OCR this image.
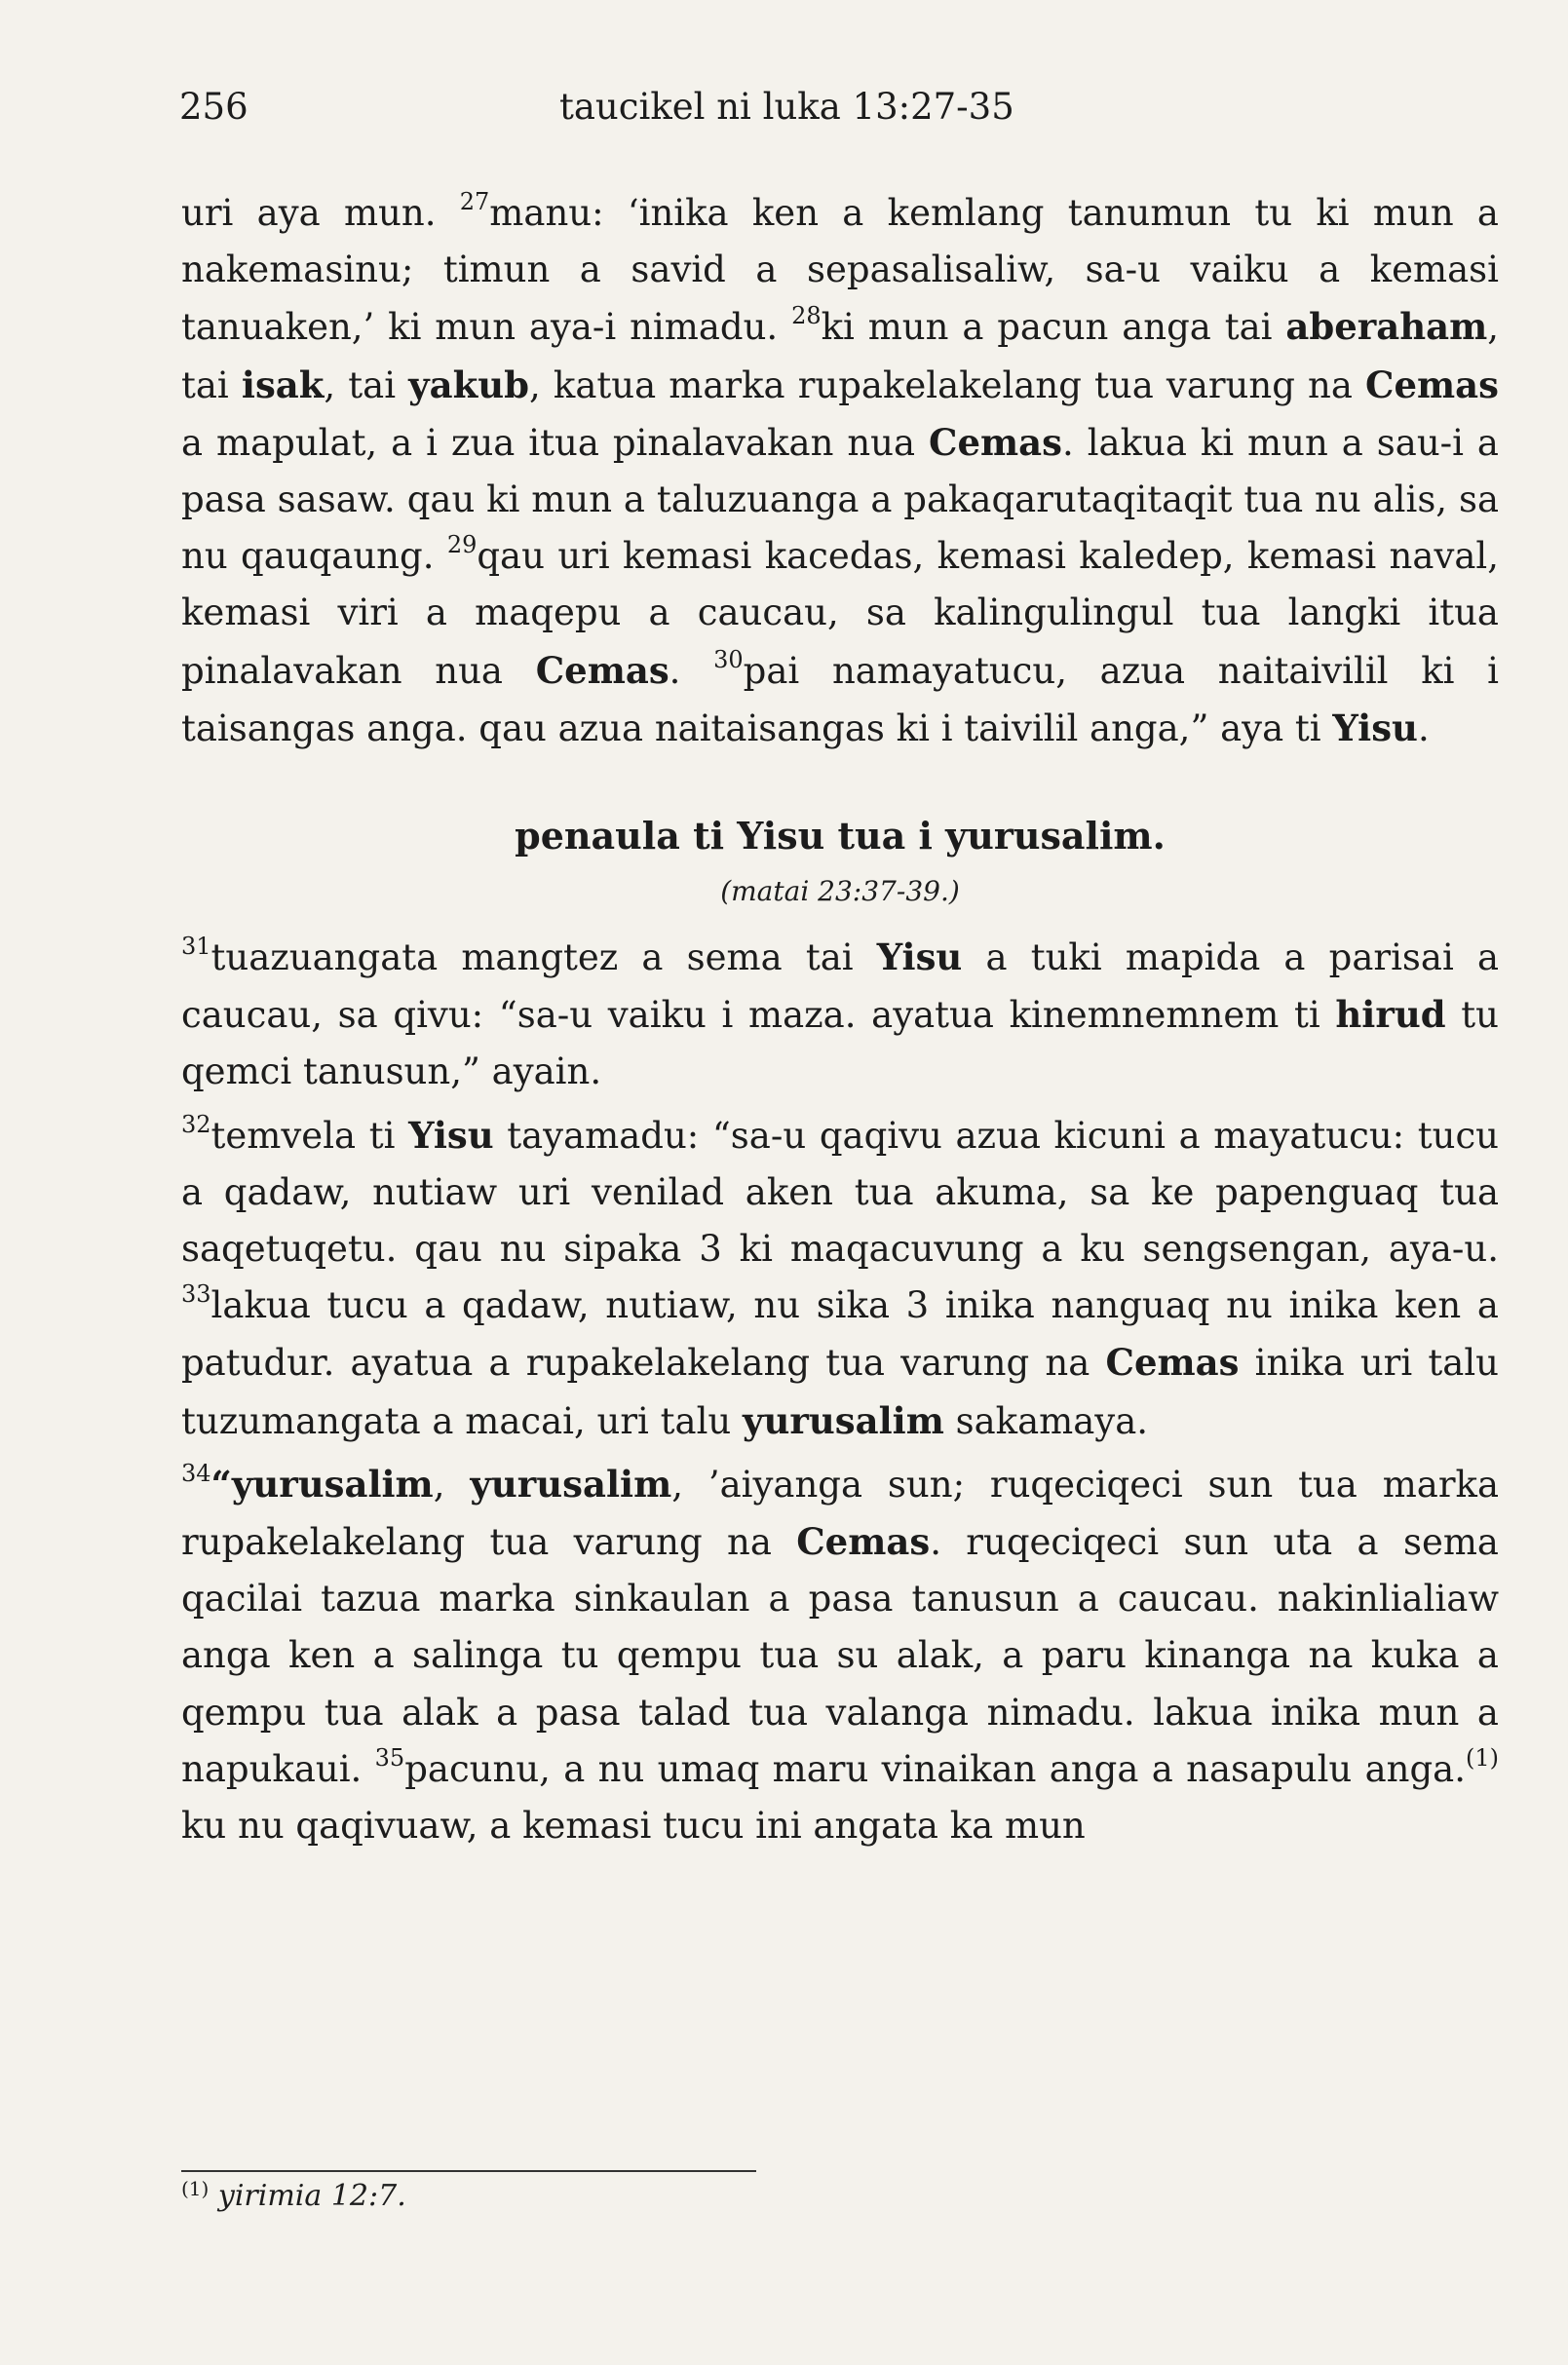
256	taucikel ni luka 13:27-35

uri aya mun. $^{27}$manu: ‘inika ken a kemlang tanumun tu ki mun a nakemasinu; timun a savid a sepasalisaliw, sa-u vaiku a kemasi tanuaken,’ ki mun aya-i nimadu. $^{28}$ki mun a pacun anga tai aberaham, tai isak, tai yakub, katua marka rupakelakelang tua varung na Cemas a mapulat, a i zua itua pinalavakan nua Cemas. lakua ki mun a sau-i a pasa sasaw. qau ki mun a taluzuanga a pakaqarutaqitaqit tua nu alis, sa nu qauqaung. $^{29}$qau uri kemasi kacedas, kemasi kaledep, kemasi naval, kemasi viri a maqepu a caucau, sa kalingulingul tua langki itua pinalavakan nua Cemas. $^{30}$pai namayatucu, azua naitaivilil ki i taisangas anga. qau azua naitaisangas ki i taivilil anga,” aya ti Yisu.

penaula ti Yisu tua i yurusalim.
(matai 23:37-39.)

$^{31}$tuazuangata mangtez a sema tai Yisu a tuki mapida a parisai a caucau, sa qivu: “sa-u vaiku i maza. ayatua kinemnemnem ti hirud tu qemci tanusun,” ayain.

$^{32}$temvela ti Yisu tayamadu: “sa-u qaqivu azua kicuni a mayatucu: tucu a qadaw, nutiaw uri venilad aken tua akuma, sa ke papenguaq tua saqetuqetu. qau nu sipaka 3 ki maqacuvung a ku sengsengan, aya-u. $^{33}$lakua tucu a qadaw, nutiaw, nu sika 3 inika nanguaq nu inika ken a patudur. ayatua a rupakelakelang tua varung na Cemas inika uri talu tuzumangata a macai, uri talu yurusalim sakamaya.

$^{34}$“yurusalim, yurusalim, ’aiyanga sun; ruqeciqeci sun tua marka rupakelakelang tua varung na Cemas. ruqeciqeci sun uta a sema qacilai tazua marka sinkaulan a pasa tanusun a caucau. nakinlialiaw anga ken a salinga tu qempu tua su alak, a paru kinanga na kuka a qempu tua alak a pasa talad tua valanga nimadu. lakua inika mun a napukaui. $^{35}$pacunu, a nu umaq maru vinaikan anga a nasapulu anga.$^{(1)}$ ku nu qaqivuaw, a kemasi tucu ini angata ka mun

$^{(1)}$ yirimia 12:7.
